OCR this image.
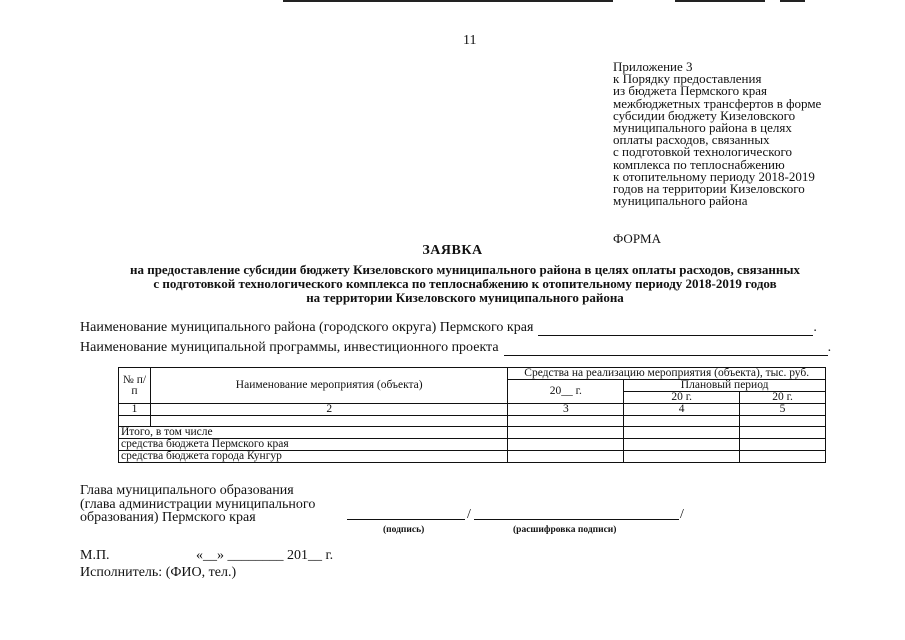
11
Приложение 3
к Порядку предоставления
из бюджета Пермского края
межбюджетных трансфертов в форме
субсидии бюджету Кизеловского
муниципального района в целях
оплаты расходов, связанных
с подготовкой технологического
комплекса по теплоснабжению
к отопительному периоду 2018-2019
годов на территории Кизеловского
муниципального района
ФОРМА
ЗАЯВКА
на предоставление субсидии бюджету Кизеловского муниципального района в целях оплаты расходов, связанных
с подготовкой технологического комплекса по теплоснабжению к отопительному периоду 2018-2019 годов
на территории Кизеловского муниципального района
Наименование муниципального района (городского округа) Пермского края	.
Наименование муниципальной программы, инвестиционного проекта	.
№ п/п	Наименование мероприятия (объекта)	Средства на реализацию мероприятия (объекта), тыс. руб.		
		20__ г.	Плановый период	
			20 г.	20 г.
1	2	3	4	5

Итого, в том числе				
средства бюджета Пермского края				
средства бюджета города Кунгур				
Глава муниципального образования
(глава администрации муниципального
образования) Пермского края	/	/
(подпись)	(расшифровка подписи)
М.П.	«__» ________ 201__ г.
Исполнитель: (ФИО, тел.)
